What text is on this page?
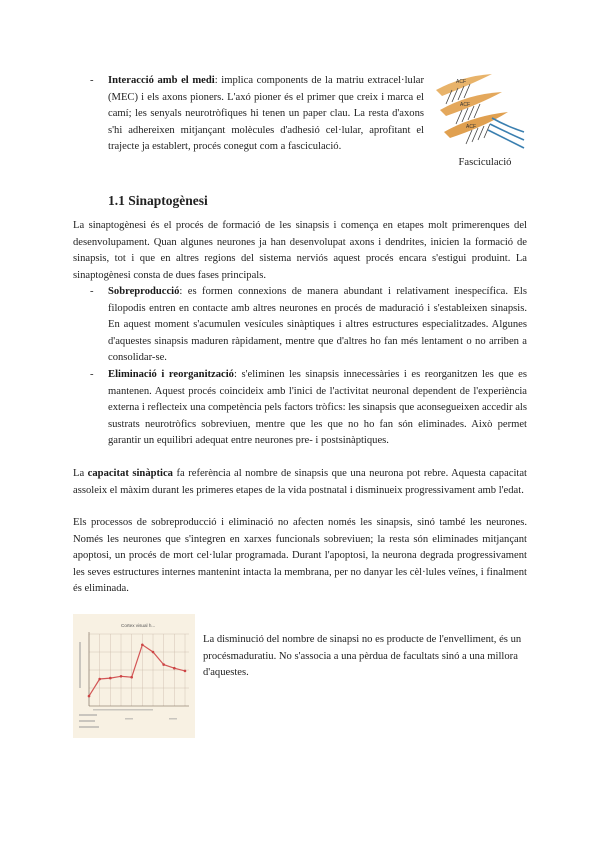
- Interacció amb el medi: implica components de la matriu extracel·lular (MEC) i els axons pioners. L'axó pioner és el primer que creix i marca el camí; les senyals neurotròfiques hi tenen un paper clau. La resta d'axons s'hi adhereixen mitjançant molècules d'adhesió cel·lular, aprofitant el trajecte ja establert, procés conegut com a fasciculació.

ACF
ACF
ACF
Fasciculació
1.1 Sinaptogènesi

La sinaptogènesi és el procés de formació de les sinapsis i comença en etapes molt primerenques del desenvolupament. Quan algunes neurones ja han desenvolupat axons i dendrites, inicien la formació de sinapsis, tot i que en altres regions del sistema nerviós aquest procés encara s'estigui produint. La sinaptogènesi consta de dues fases principals.

- Sobreproducció: es formen connexions de manera abundant i relativament inespecífica. Els filopodis entren en contacte amb altres neurones en procés de maduració i s'estableixen sinapsis. En aquest moment s'acumulen vesícules sinàptiques i altres estructures especialitzades. Algunes d'aquestes sinapsis maduren ràpidament, mentre que d'altres ho fan més lentament o no arriben a consolidar-se.

- Eliminació i reorganització: s'eliminen les sinapsis innecessàries i es reorganitzen les que es mantenen. Aquest procés coincideix amb l'inici de l'activitat neuronal dependent de l'experiència externa i reflecteix una competència pels factors tròfics: les sinapsis que aconsegueixen accedir als sustrats neurotròfics sobreviuen, mentre que les que no ho fan són eliminades. Això permet garantir un equilibri adequat entre neurones pre- i postsinàptiques.

La capacitat sinàptica fa referència al nombre de sinapsis que una neurona pot rebre. Aquesta capacitat assoleix el màxim durant les primeres etapes de la vida postnatal i disminueix progressivament amb l'edat.

Els processos de sobreproducció i eliminació no afecten només les sinapsis, sinó també les neurones. Només les neurones que s'integren en xarxes funcionals sobreviuen; la resta són eliminades mitjançant apoptosi, un procés de mort cel·lular programada. Durant l'apoptosi, la neurona degrada progressivament les seves estructures internes mantenint intacta la membrana, per no danyar les cèl·lules veïnes, i finalment és eliminada.

Cortex visual h...

La disminució del nombre de sinapsi no es producte de l'envelliment, és un procésmaduratiu. No s'associa a una pèrdua de facultats sinó a una millora d'aquestes.
